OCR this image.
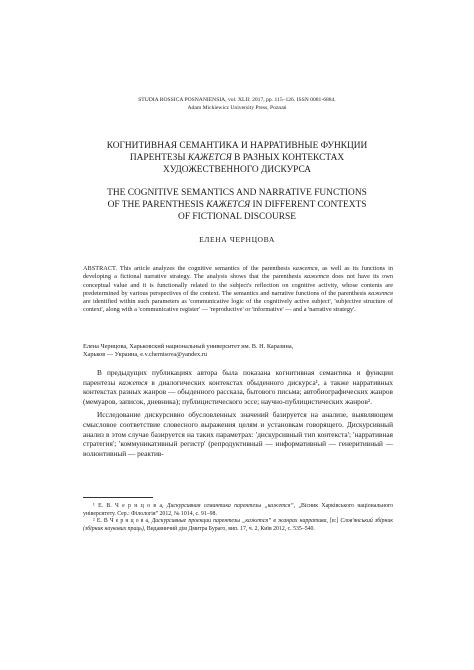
STUDIA ROSSICA POSNANIENSIA, vol. XLII: 2017, pp. 115–126. ISSN 0081-6884.
Adam Mickiewicz University Press, Poznań
КОГНИТИВНАЯ СЕМАНТИКА И НАРРАТИВНЫЕ ФУНКЦИИ
ПАРЕНТЕЗЫ КАЖЕТСЯ В РАЗНЫХ КОНТЕКСТАХ
ХУДОЖЕСТВЕННОГО ДИСКУРСА
THE COGNITIVE SEMANTICS AND NARRATIVE FUNCTIONS
OF THE PARENTHESIS КАЖЕТСЯ IN DIFFERENT CONTEXTS
OF FICTIONAL DISCOURSE
ЕЛЕНА ЧЕРНЦОВА
ABSTRACT. This article analyzes the cognitive semantics of the parenthesis кажется, as well as its functions in developing a fictional narrative strategy. The analysis shows that the parenthesis кажется does not have its own conceptual value and it is functionally related to the subject's reflection on cognitive activity, whose contents are predetermined by various perspectives of the context. The semantics and narrative functions of the parenthesis кажется are identified within such parameters as 'communicative logic of the cognitively active subject', 'subjective structure of context', along with a 'communicative register' — 'reproductive' or 'informative' — and a 'narrative strategy'.
Елена Чернцова, Харьковский национальный университет им. В. Н. Каразина,
Харьков — Украина, e.v.cherntsova@yandex.ru

В предыдущих публикациях автора была показана когнитивная семантика и функции парентезы кажется в диалогических контекстах обыденного дискурса¹, а также нарративных контекстах разных жанров — обыденного рассказа, бытового письма; автобиографических жанров (мемуаров, записок, дневника); публицистического эссе; научно-публицистических жанров².

Исследование дискурсивно обусловленных значений базируется на анализе, выявляющем смысловое соответствие словесного выражения целям и установкам говорящего. Дискурсивный анализ в этом случае базируется на таких параметрах: 'дискурсивный тип контекста'; 'нарративная стратегия'; 'коммуникативный регистр' (репродуктивный — информативный — генеритивный — волюнтивный — реактив-

¹ Е. В. Ч е р н ц о в а, Дискурсивная семантика парентезы „кажется”, „Вісник Харківського національного університету. Сер.: Філологія” 2012, № 1014, с. 91–98.

² Е. В Ч е р н ц о в а, Дискурсивные проекции парентезы „кажется” в жанрах нарратива, [в:] Слов'янський збірник (збірник наукових праць), Видавничий дім Дмитра Бураго, вип. 17, ч. 2, Київ 2012, с. 535–540.
